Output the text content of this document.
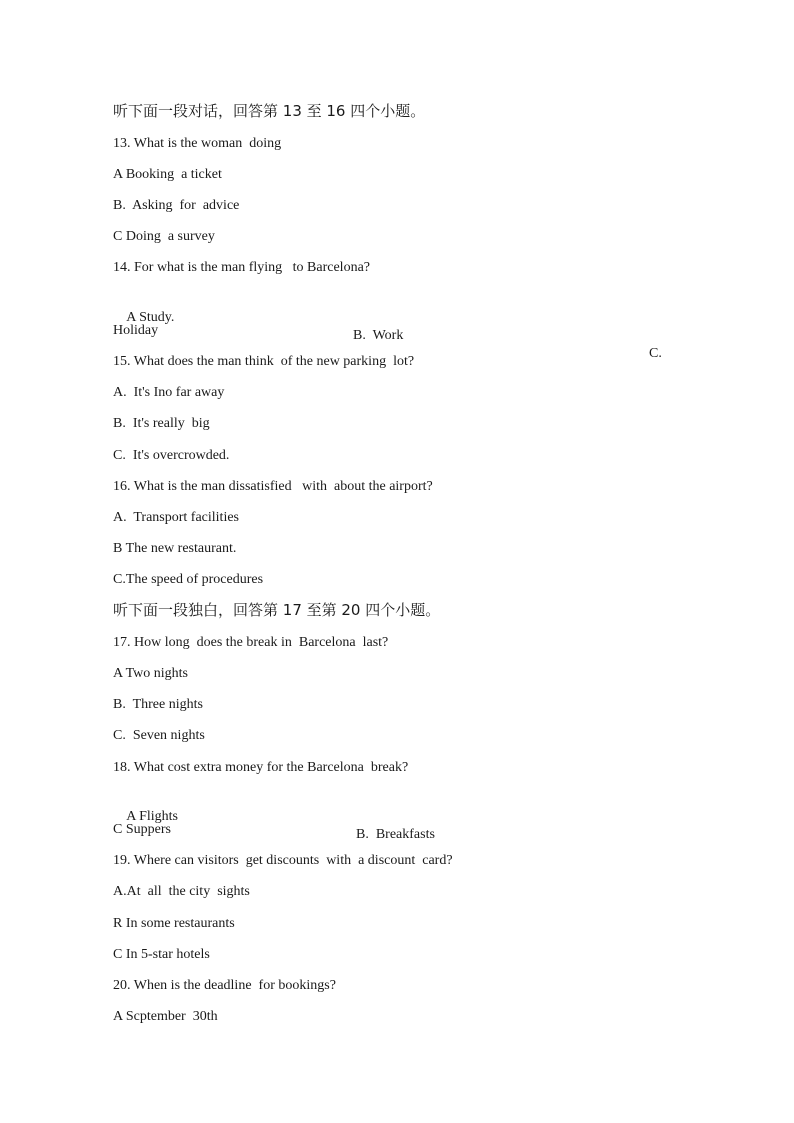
听下面一段对话，回答第 13 至 16 四个小题。
13. What is the woman  doing
A Booking  a ticket
B.  Asking  for  advice
C Doing  a survey
14. For what is the man flying   to Barcelona?

A Study.

B.  Work

C.

Holiday
15. What does the man think  of the new parking  lot?
A.  It's Ino far away
B.  It's really  big
C.  It's overcrowded.
16. What is the man dissatisfied   with  about the airport?
A.  Transport facilities
B The new restaurant.
C.The speed of procedures
听下面一段独白，回答第 17 至第 20 四个小题。
17. How long  does the break in  Barcelona  last?
A Two nights
B.  Three nights
C.  Seven nights
18. What cost extra money for the Barcelona  break?

A Flights

B.  Breakfasts

C Suppers
19. Where can visitors  get discounts  with  a discount  card?
A.At  all  the city  sights
R In some restaurants
C In 5-star hotels
20. When is the deadline  for bookings?
A Scptember  30th
